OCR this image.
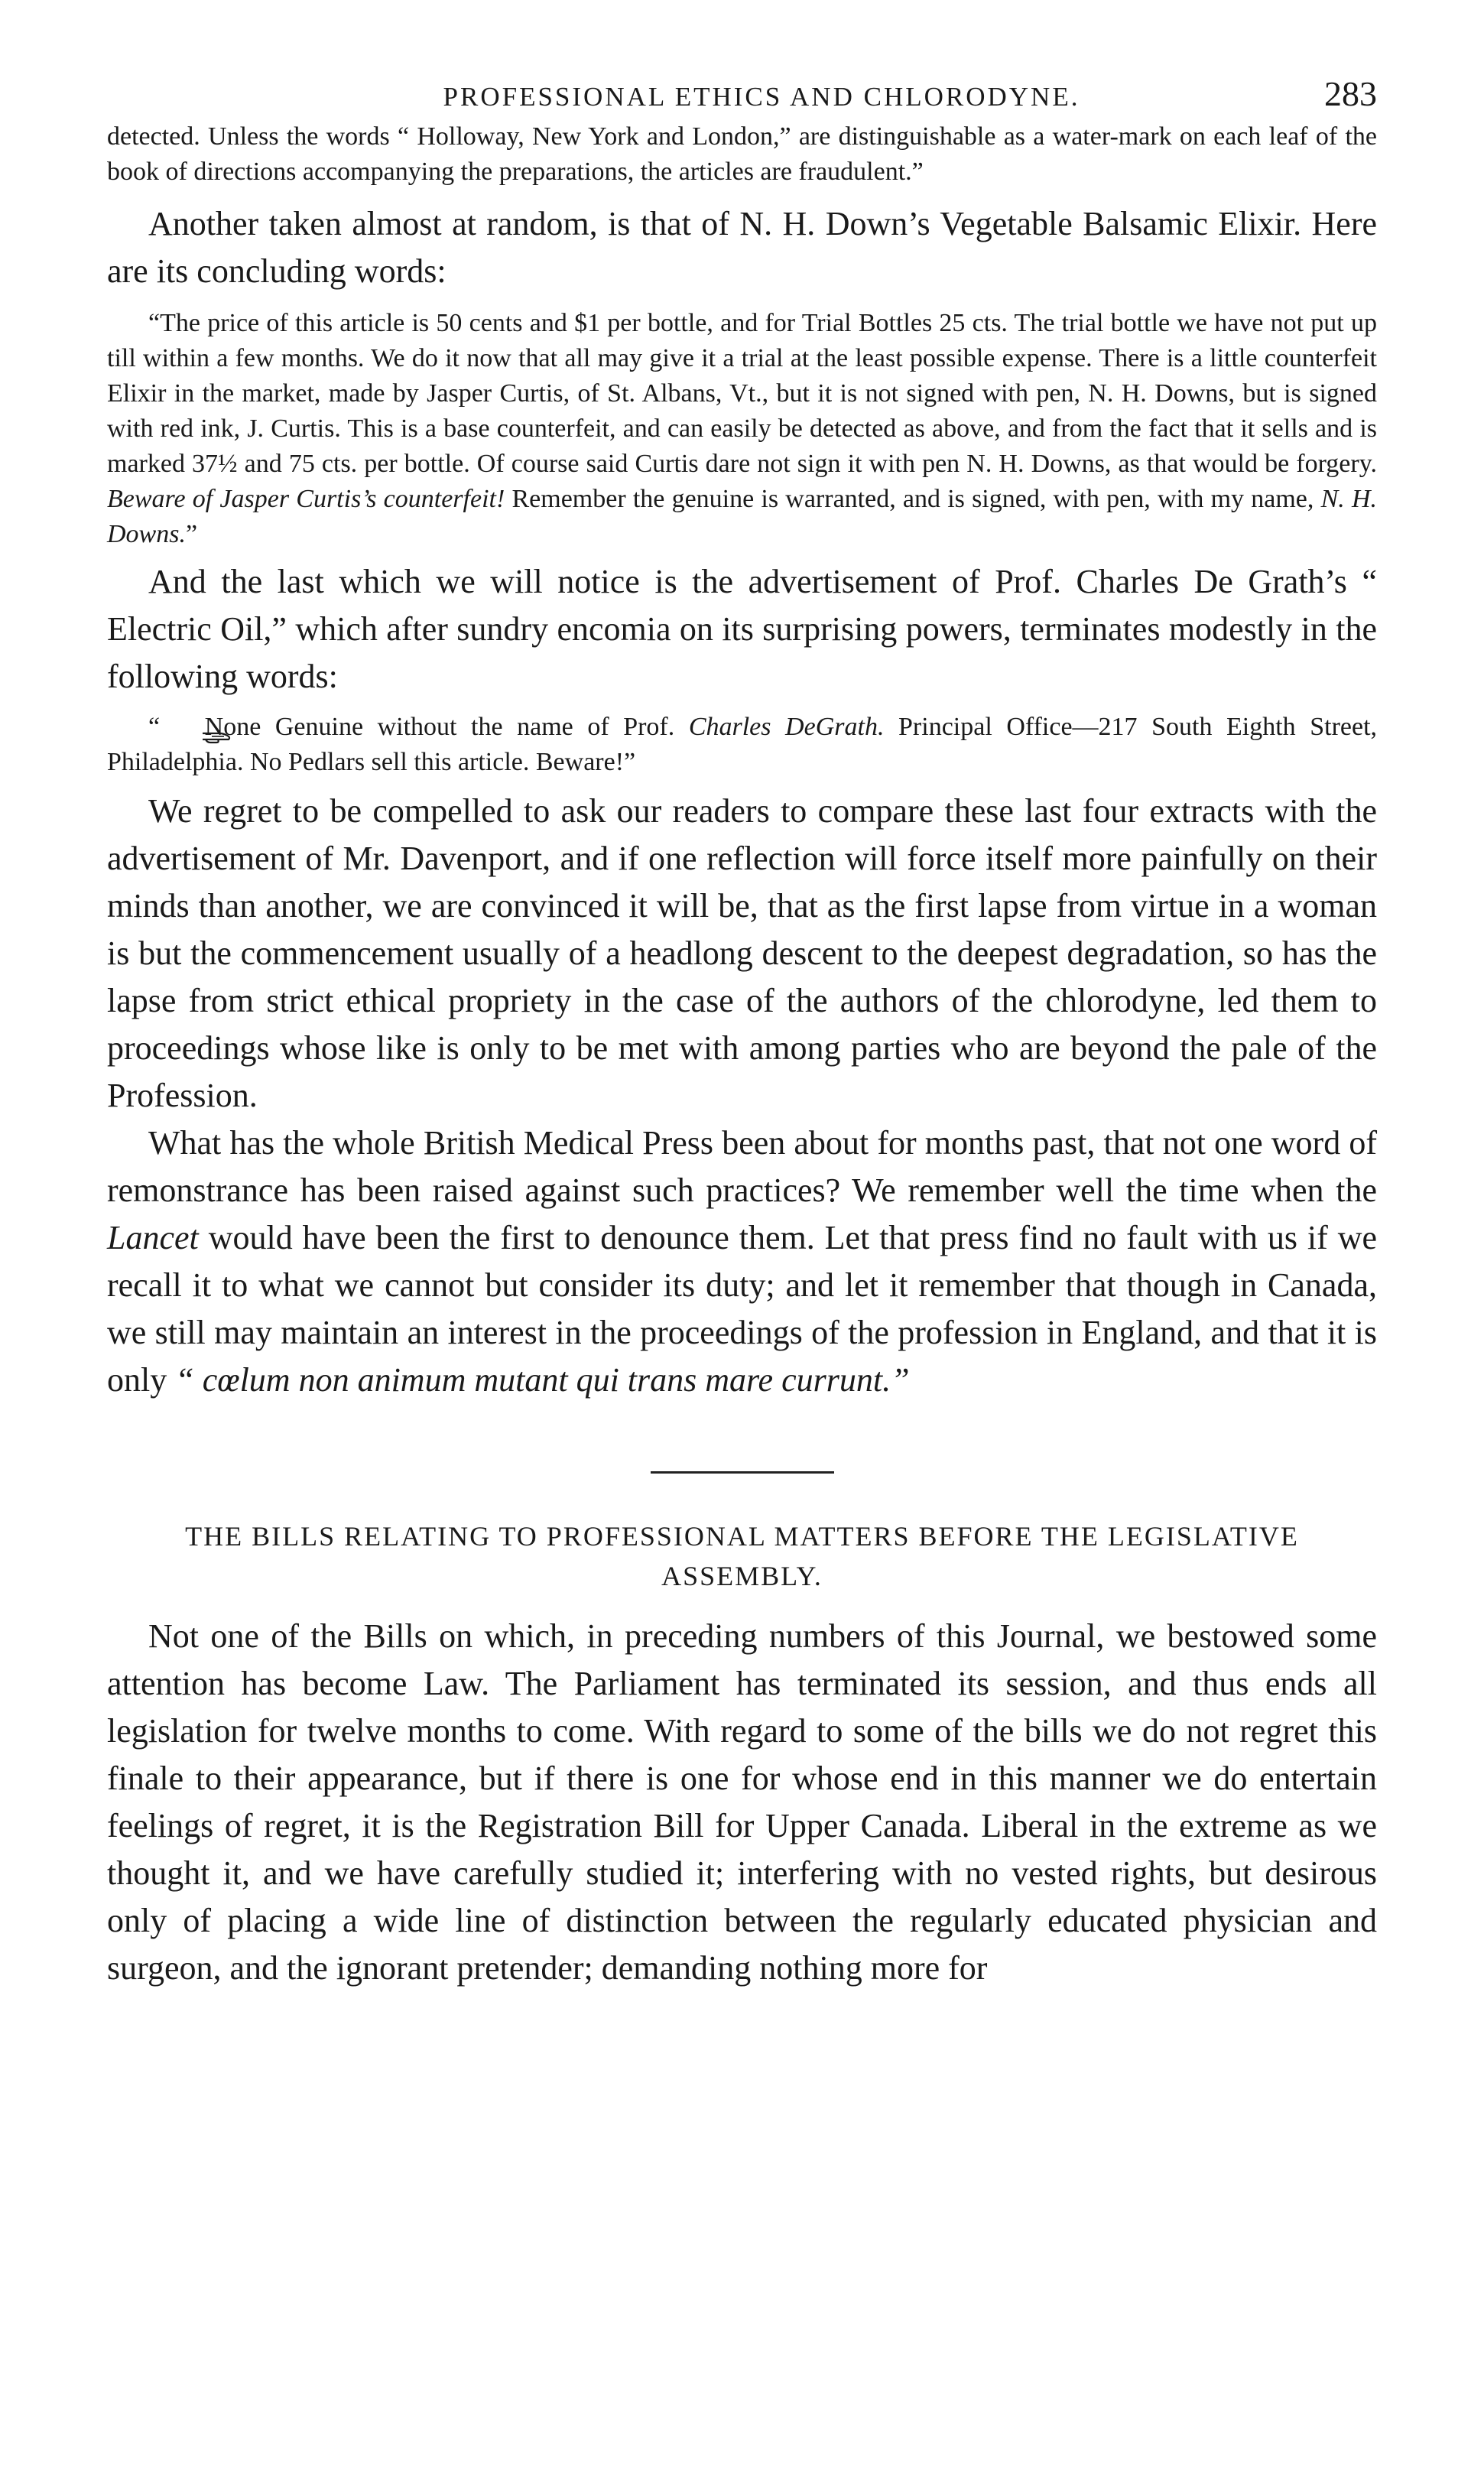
PROFESSIONAL ETHICS AND CHLORODYNE.	283

detected. Unless the words “ Holloway, New York and London,” are distinguishable as a water-mark on each leaf of the book of directions accompanying the preparations, the articles are fraudulent.”

Another taken almost at random, is that of N. H. Down’s Vegetable Balsamic Elixir. Here are its concluding words:

“The price of this article is 50 cents and $1 per bottle, and for Trial Bottles 25 cts. The trial bottle we have not put up till within a few months. We do it now that all may give it a trial at the least possible expense. There is a little counterfeit Elixir in the market, made by Jasper Curtis, of St. Albans, Vt., but it is not signed with pen, N. H. Downs, but is signed with red ink, J. Curtis. This is a base counterfeit, and can easily be detected as above, and from the fact that it sells and is marked 37½ and 75 cts. per bottle. Of course said Curtis dare not sign it with pen N. H. Downs, as that would be forgery. Beware of Jasper Curtis’s counterfeit! Remember the genuine is warranted, and is signed, with pen, with my name, N. H. Downs.”

And the last which we will notice is the advertisement of Prof. Charles De Grath’s “ Electric Oil,” which after sundry encomia on its surprising powers, terminates modestly in the following words:

“ None Genuine without the name of Prof. Charles DeGrath. Principal Office—217 South Eighth Street, Philadelphia. No Pedlars sell this article. Beware!”

We regret to be compelled to ask our readers to compare these last four extracts with the advertisement of Mr. Davenport, and if one reflection will force itself more painfully on their minds than another, we are convinced it will be, that as the first lapse from virtue in a woman is but the commencement usually of a headlong descent to the deepest degradation, so has the lapse from strict ethical propriety in the case of the authors of the chlorodyne, led them to proceedings whose like is only to be met with among parties who are beyond the pale of the Profession.

What has the whole British Medical Press been about for months past, that not one word of remonstrance has been raised against such practices? We remember well the time when the Lancet would have been the first to denounce them. Let that press find no fault with us if we recall it to what we cannot but consider its duty; and let it remember that though in Canada, we still may maintain an interest in the proceedings of the profession in England, and that it is only “ cœlum non animum mutant qui trans mare currunt.”

THE BILLS RELATING TO PROFESSIONAL MATTERS BEFORE THE LEGISLATIVE ASSEMBLY.

Not one of the Bills on which, in preceding numbers of this Journal, we bestowed some attention has become Law. The Parliament has terminated its session, and thus ends all legislation for twelve months to come. With regard to some of the bills we do not regret this finale to their appearance, but if there is one for whose end in this manner we do entertain feelings of regret, it is the Registration Bill for Upper Canada. Liberal in the extreme as we thought it, and we have carefully studied it; interfering with no vested rights, but desirous only of placing a wide line of distinction between the regularly educated physician and surgeon, and the ignorant pretender; demanding nothing more for
